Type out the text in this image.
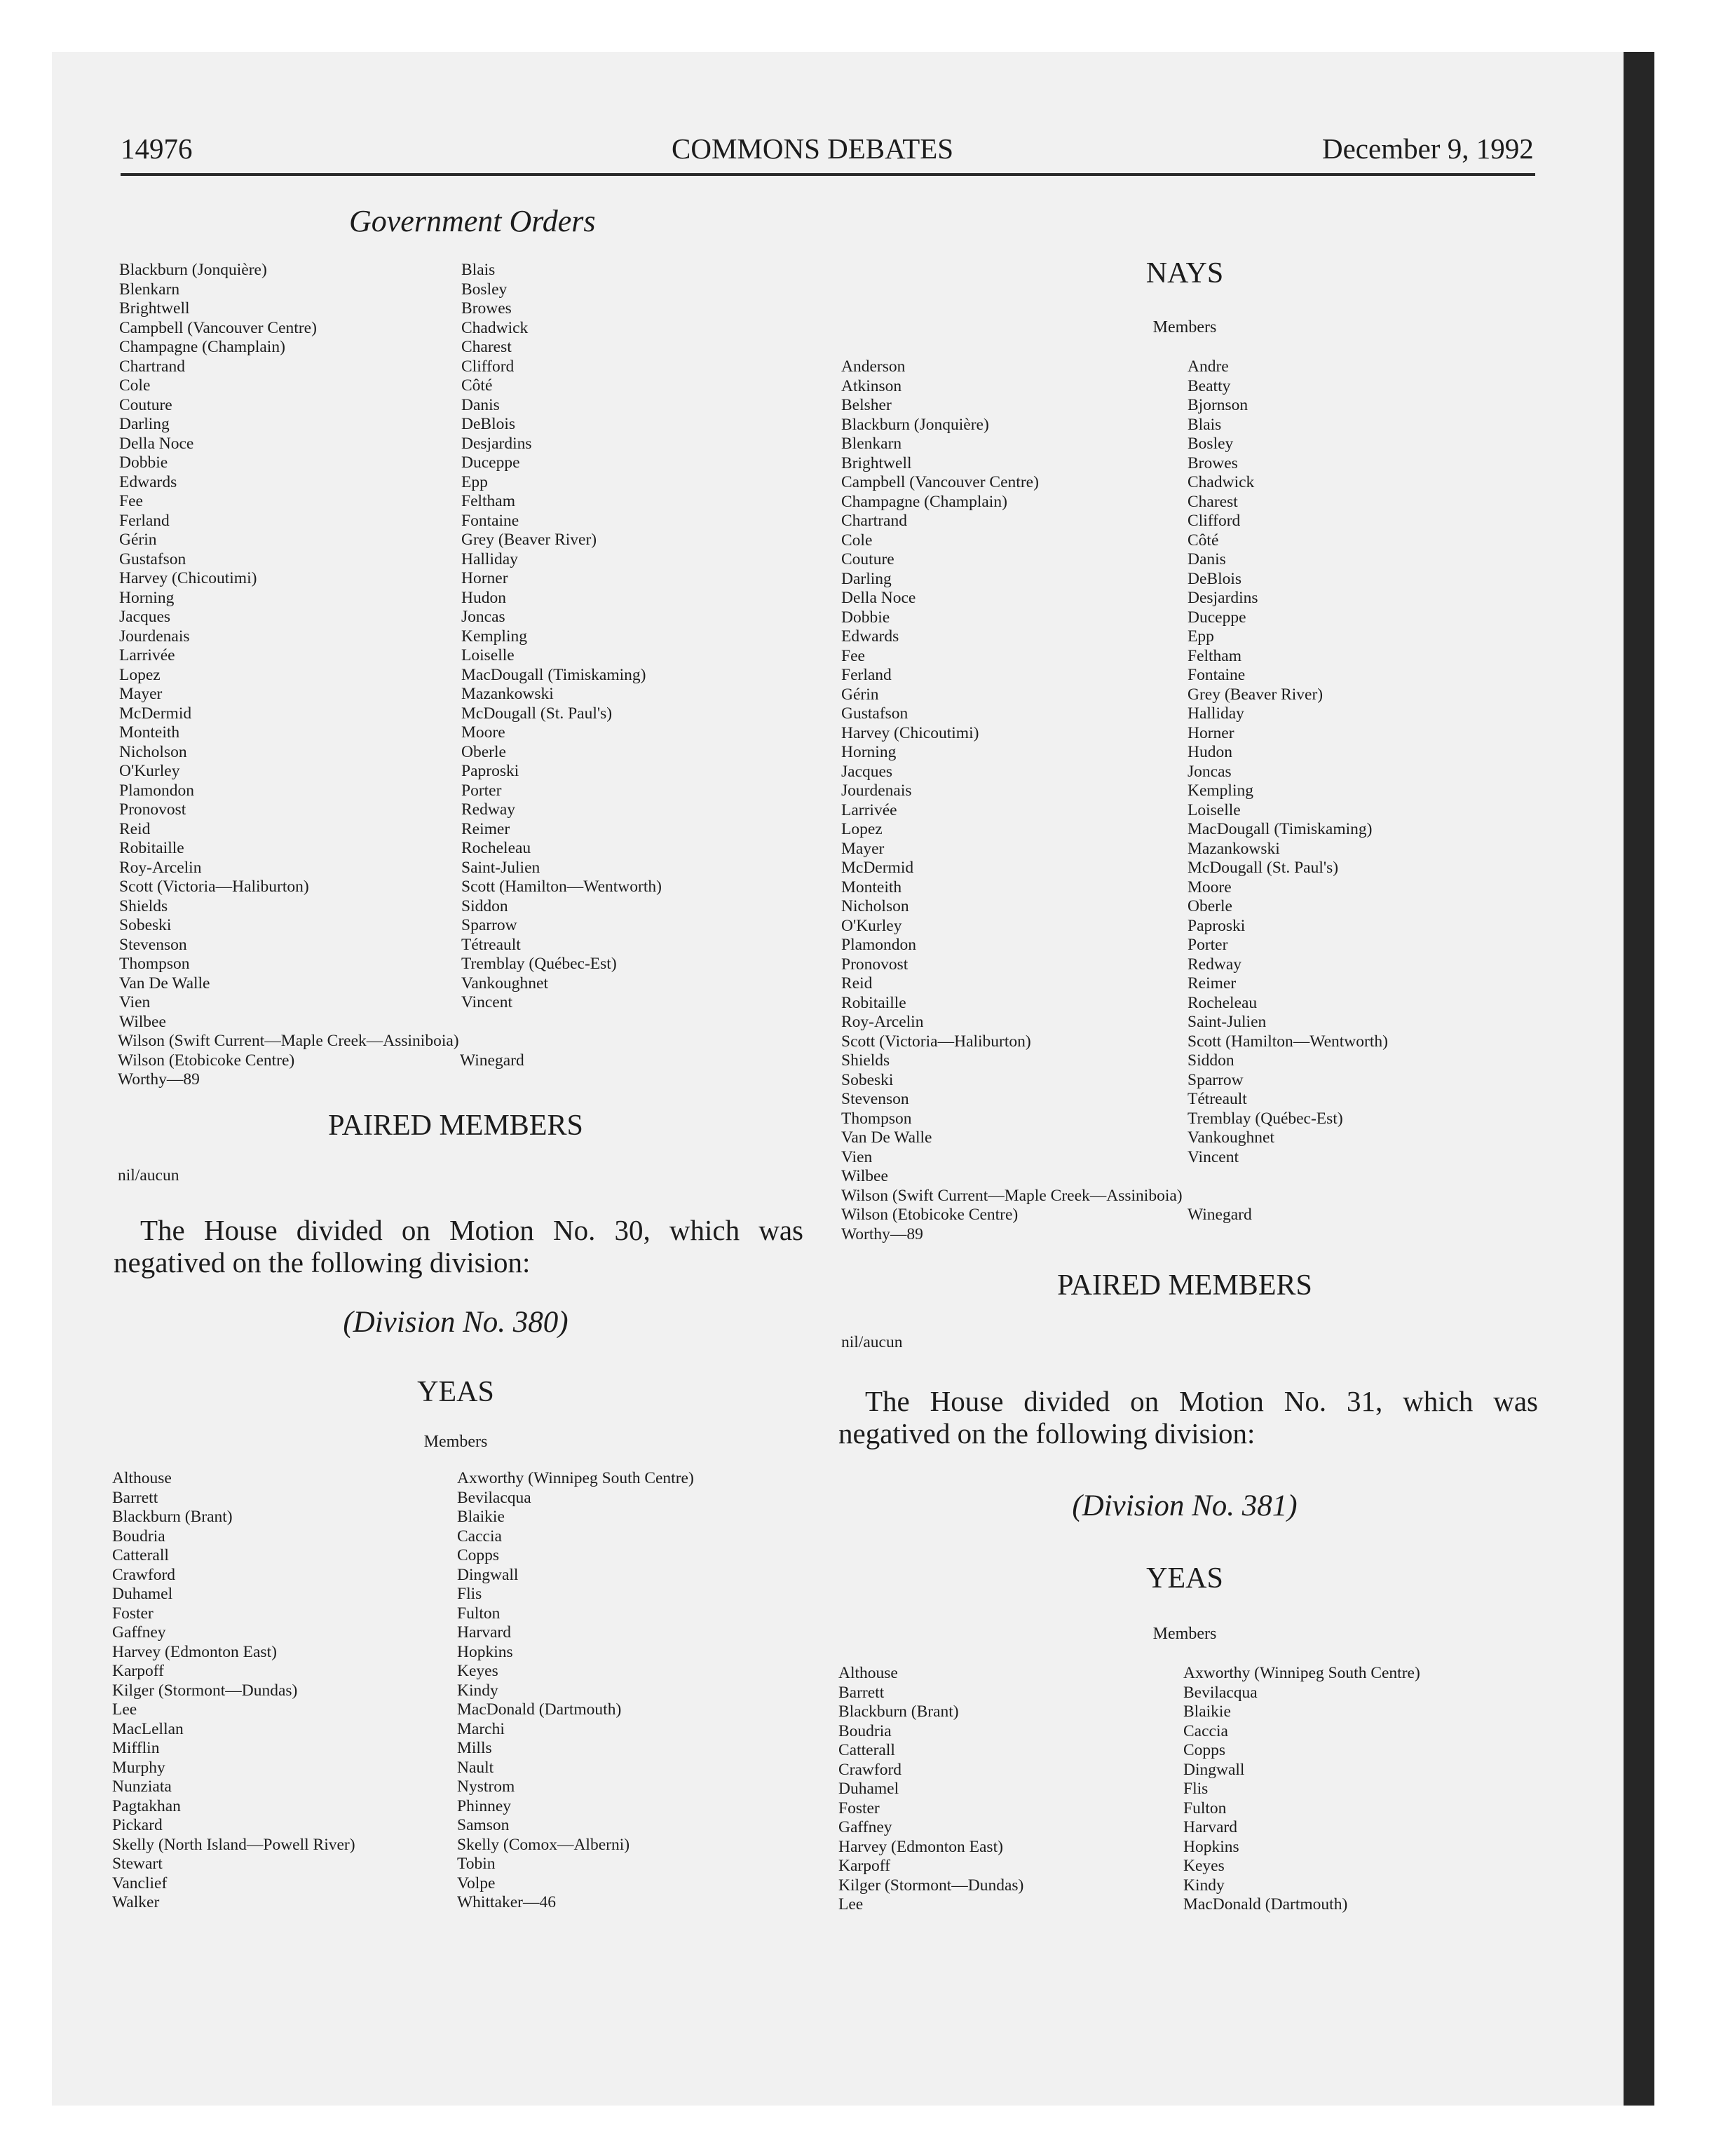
14976	COMMONS DEBATES	December 9, 1992
Government Orders
Blackburn (Jonquière)
Blenkarn
Brightwell
Campbell (Vancouver Centre)
Champagne (Champlain)
Chartrand
Cole
Couture
Darling
Della Noce
Dobbie
Edwards
Fee
Ferland
Gérin
Gustafson
Harvey (Chicoutimi)
Horning
Jacques
Jourdenais
Larrivée
Lopez
Mayer
McDermid
Monteith
Nicholson
O'Kurley
Plamondon
Pronovost
Reid
Robitaille
Roy-Arcelin
Scott (Victoria—Haliburton)
Shields
Sobeski
Stevenson
Thompson
Van De Walle
Vien
Wilbee
Blais
Bosley
Browes
Chadwick
Charest
Clifford
Côté
Danis
DeBlois
Desjardins
Duceppe
Epp
Feltham
Fontaine
Grey (Beaver River)
Halliday
Horner
Hudon
Joncas
Kempling
Loiselle
MacDougall (Timiskaming)
Mazankowski
McDougall (St. Paul's)
Moore
Oberle
Paproski
Porter
Redway
Reimer
Rocheleau
Saint-Julien
Scott (Hamilton—Wentworth)
Siddon
Sparrow
Tétreault
Tremblay (Québec-Est)
Vankoughnet
Vincent
Wilson (Swift Current—Maple Creek—Assiniboia)
Wilson (Etobicoke Centre)
Worthy—89
Winegard
PAIRED MEMBERS
nil/aucun
The House divided on Motion No. 30, which was negatived on the following division:
(Division No. 380)
YEAS
Members
Althouse
Barrett
Blackburn (Brant)
Boudria
Catterall
Crawford
Duhamel
Foster
Gaffney
Harvey (Edmonton East)
Karpoff
Kilger (Stormont—Dundas)
Lee
MacLellan
Mifflin
Murphy
Nunziata
Pagtakhan
Pickard
Skelly (North Island—Powell River)
Stewart
Vanclief
Walker
Axworthy (Winnipeg South Centre)
Bevilacqua
Blaikie
Caccia
Copps
Dingwall
Flis
Fulton
Harvard
Hopkins
Keyes
Kindy
MacDonald (Dartmouth)
Marchi
Mills
Nault
Nystrom
Phinney
Samson
Skelly (Comox—Alberni)
Tobin
Volpe
Whittaker—46
NAYS
Members
Anderson
Atkinson
Belsher
Blackburn (Jonquière)
Blenkarn
Brightwell
Campbell (Vancouver Centre)
Champagne (Champlain)
Chartrand
Cole
Couture
Darling
Della Noce
Dobbie
Edwards
Fee
Ferland
Gérin
Gustafson
Harvey (Chicoutimi)
Horning
Jacques
Jourdenais
Larrivée
Lopez
Mayer
McDermid
Monteith
Nicholson
O'Kurley
Plamondon
Pronovost
Reid
Robitaille
Roy-Arcelin
Scott (Victoria—Haliburton)
Shields
Sobeski
Stevenson
Thompson
Van De Walle
Vien
Wilbee
Andre
Beatty
Bjornson
Blais
Bosley
Browes
Chadwick
Charest
Clifford
Côté
Danis
DeBlois
Desjardins
Duceppe
Epp
Feltham
Fontaine
Grey (Beaver River)
Halliday
Horner
Hudon
Joncas
Kempling
Loiselle
MacDougall (Timiskaming)
Mazankowski
McDougall (St. Paul's)
Moore
Oberle
Paproski
Porter
Redway
Reimer
Rocheleau
Saint-Julien
Scott (Hamilton—Wentworth)
Siddon
Sparrow
Tétreault
Tremblay (Québec-Est)
Vankoughnet
Vincent
Wilson (Swift Current—Maple Creek—Assiniboia)
Wilson (Etobicoke Centre)
Worthy—89
Winegard
PAIRED MEMBERS
nil/aucun
The House divided on Motion No. 31, which was negatived on the following division:
(Division No. 381)
YEAS
Members
Althouse
Barrett
Blackburn (Brant)
Boudria
Catterall
Crawford
Duhamel
Foster
Gaffney
Harvey (Edmonton East)
Karpoff
Kilger (Stormont—Dundas)
Lee
Axworthy (Winnipeg South Centre)
Bevilacqua
Blaikie
Caccia
Copps
Dingwall
Flis
Fulton
Harvard
Hopkins
Keyes
Kindy
MacDonald (Dartmouth)
